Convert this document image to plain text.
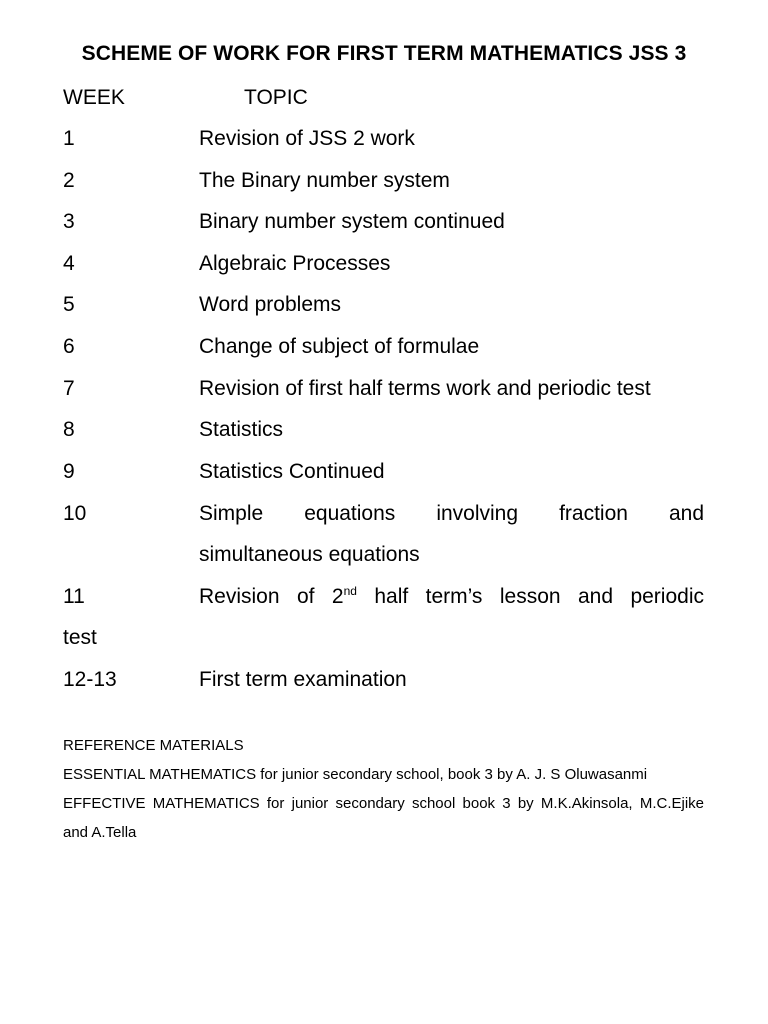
SCHEME OF WORK FOR FIRST TERM MATHEMATICS JSS 3
WEEK	TOPIC
1	Revision of JSS 2 work
2	The Binary number system
3	Binary number system continued
4	Algebraic Processes
5	Word problems
6	Change of subject of formulae
7	Revision of first half terms work and periodic test
8	Statistics
9	Statistics Continued
10	Simple equations involving fraction and
simultaneous equations
11	Revision of 2nd half term’s lesson and periodic
test
12-13	First term examination
REFERENCE MATERIALS
ESSENTIAL MATHEMATICS for junior secondary school, book 3 by A. J. S Oluwasanmi
EFFECTIVE MATHEMATICS for junior secondary school book 3 by M.K.Akinsola, M.C.Ejike
and A.Tella
